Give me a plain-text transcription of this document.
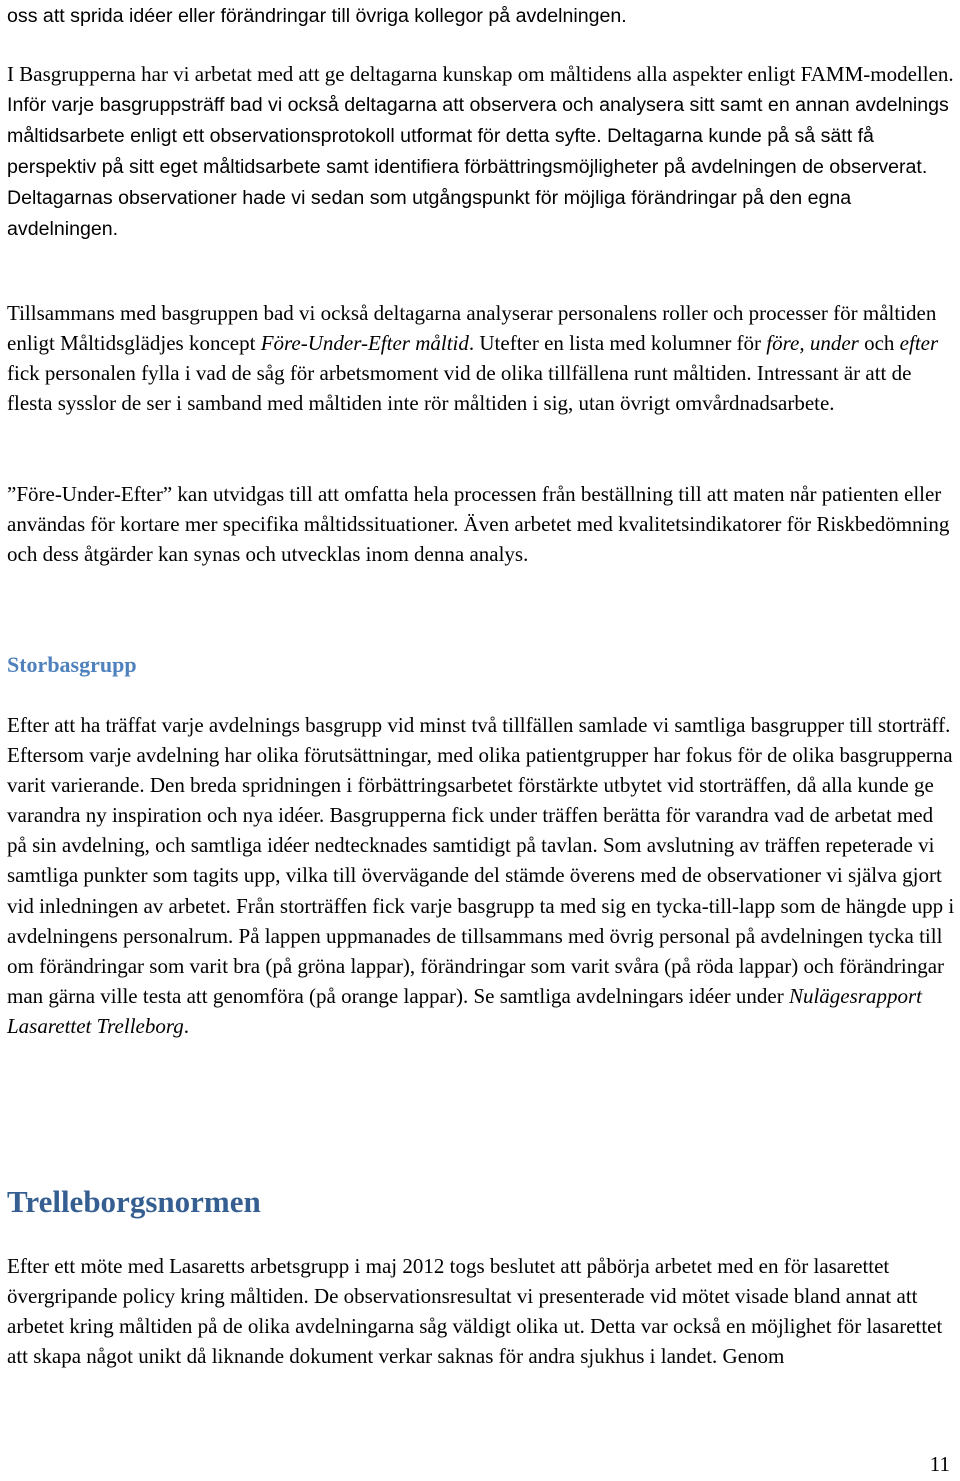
oss att sprida idéer eller förändringar till övriga kollegor på avdelningen.

I Basgrupperna har vi arbetat med att ge deltagarna kunskap om måltidens alla aspekter enligt FAMM-modellen. Inför varje basgruppsträff bad vi också deltagarna att observera och analysera sitt samt en annan avdelnings måltidsarbete enligt ett observationsprotokoll utformat för detta syfte. Deltagarna kunde på så sätt få perspektiv på sitt eget måltidsarbete samt identifiera förbättringsmöjligheter på avdelningen de observerat. Deltagarnas observationer hade vi sedan som utgångspunkt för möjliga förändringar på den egna avdelningen.

Tillsammans med basgruppen bad vi också deltagarna analyserar personalens roller och processer för måltiden enligt Måltidsglädjes koncept Före-Under-Efter måltid. Utefter en lista med kolumner för före, under och efter fick personalen fylla i vad de såg för arbetsmoment vid de olika tillfällena runt måltiden. Intressant är att de flesta sysslor de ser i samband med måltiden inte rör måltiden i sig, utan övrigt omvårdnadsarbete.

”Före-Under-Efter” kan utvidgas till att omfatta hela processen från beställning till att maten når patienten eller användas för kortare mer specifika måltidssituationer. Även arbetet med kvalitetsindikatorer för Riskbedömning och dess åtgärder kan synas och utvecklas inom denna analys.

Storbasgrupp

Efter att ha träffat varje avdelnings basgrupp vid minst två tillfällen samlade vi samtliga basgrupper till storträff. Eftersom varje avdelning har olika förutsättningar, med olika patientgrupper har fokus för de olika basgrupperna varit varierande. Den breda spridningen i förbättringsarbetet förstärkte utbytet vid storträffen, då alla kunde ge varandra ny inspiration och nya idéer. Basgrupperna fick under träffen berätta för varandra vad de arbetat med på sin avdelning, och samtliga idéer nedtecknades samtidigt på tavlan. Som avslutning av träffen repeterade vi samtliga punkter som tagits upp, vilka till övervägande del stämde överens med de observationer vi själva gjort vid inledningen av arbetet. Från storträffen fick varje basgrupp ta med sig en tycka-till-lapp som de hängde upp i avdelningens personalrum. På lappen uppmanades de tillsammans med övrig personal på avdelningen tycka till om förändringar som varit bra (på gröna lappar), förändringar som varit svåra (på röda lappar) och förändringar man gärna ville testa att genomföra (på orange lappar). Se samtliga avdelningars idéer under Nulägesrapport Lasarettet Trelleborg.

Trelleborgsnormen

Efter ett möte med Lasaretts arbetsgrupp i maj 2012 togs beslutet att påbörja arbetet med en för lasarettet övergripande policy kring måltiden. De observationsresultat vi presenterade vid mötet visade bland annat att arbetet kring måltiden på de olika avdelningarna såg väldigt olika ut. Detta var också en möjlighet för lasarettet att skapa något unikt då liknande dokument verkar saknas för andra sjukhus i landet. Genom

11
